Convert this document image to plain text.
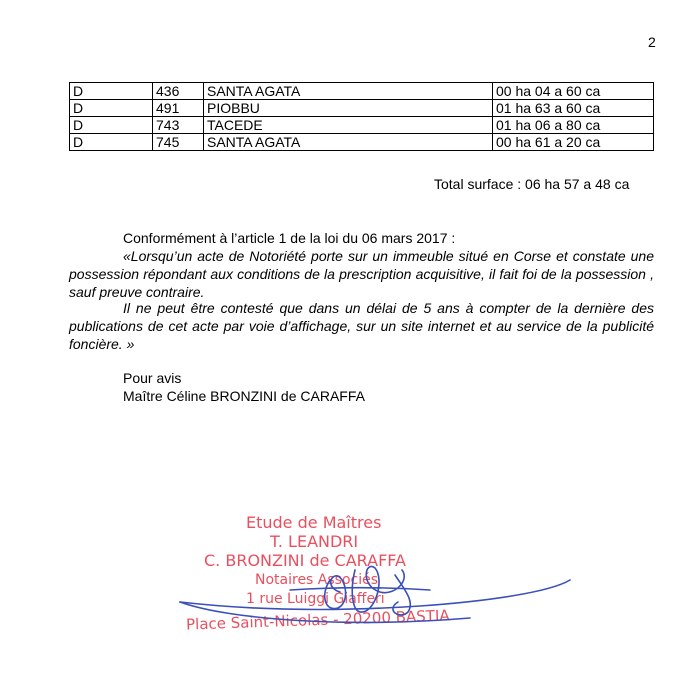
2
D	436	SANTA AGATA	00 ha 04 a 60 ca
D	491	PIOBBU	01 ha 63 a 60 ca
D	743	TACEDE	01 ha 06 a 80 ca
D	745	SANTA AGATA	00 ha 61 a 20 ca
Total surface : 06 ha 57 a 48 ca
Conformément à l’article 1 de la loi du 06 mars 2017 :
«Lorsqu’un acte de Notoriété porte sur un immeuble situé en Corse et constate une possession répondant aux conditions de la prescription acquisitive, il fait foi de la possession , sauf preuve contraire.
Il ne peut être contesté que dans un délai de 5 ans à compter de la dernière des publications de cet acte par voie d’affichage, sur un site internet et au service de la publicité foncière. »
Pour avis
Maître Céline BRONZINI de CARAFFA
Etude de Maîtres
T. LEANDRI
C. BRONZINI de CARAFFA
Notaires Associés
1 rue Luiggi Giafferi
Place Saint-Nicolas - 20200 BASTIA
